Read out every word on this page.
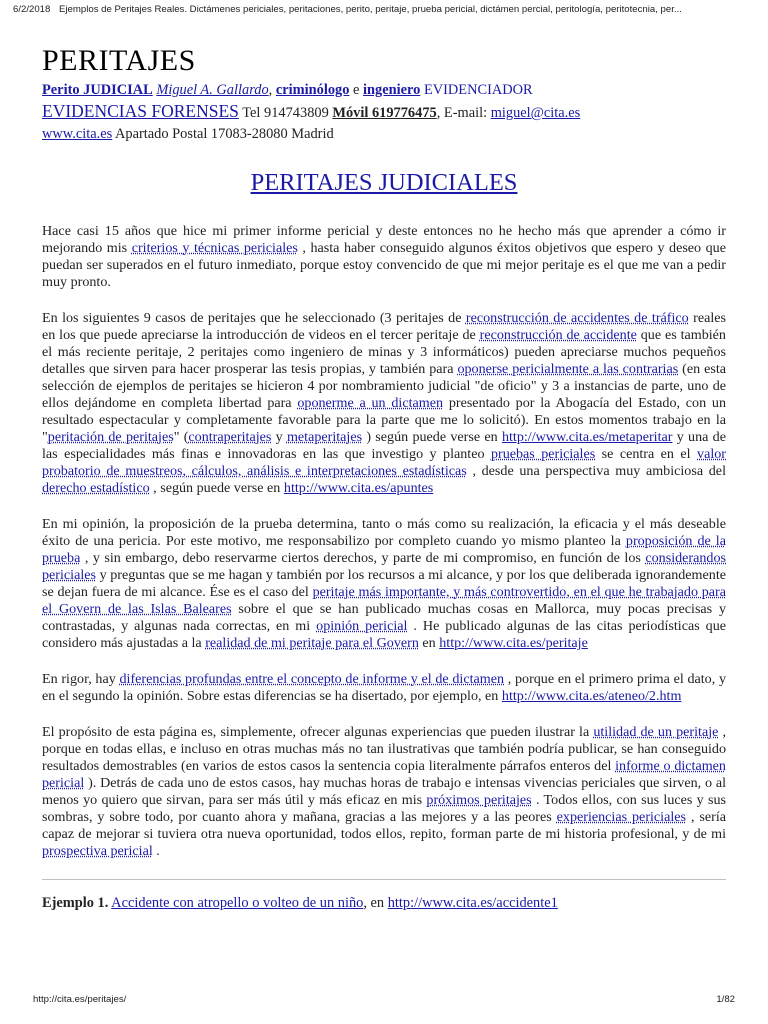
6/2/2018 Ejemplos de Peritajes Reales. Dictámenes periciales, peritaciones, perito, peritaje, prueba pericial, dictámen percial, peritología, peritotecnia, per...
PERITAJES
Perito JUDICIAL Miguel A. Gallardo, criminólogo e ingeniero EVIDENCIADOR
EVIDENCIAS FORENSES Tel 914743809 Móvil 619776475, E-mail: miguel@cita.es
www.cita.es Apartado Postal 17083-28080 Madrid
PERITAJES JUDICIALES

Hace casi 15 años que hice mi primer informe pericial y deste entonces no he hecho más que aprender a cómo ir mejorando mis criterios y técnicas periciales , hasta haber conseguido algunos éxitos objetivos que espero y deseo que puedan ser superados en el futuro inmediato, porque estoy convencido de que mi mejor peritaje es el que me van a pedir muy pronto.

En los siguientes 9 casos de peritajes que he seleccionado (3 peritajes de reconstrucción de accidentes de tráfico reales en los que puede apreciarse la introducción de videos en el tercer peritaje de reconstrucción de accidente que es también el más reciente peritaje, 2 peritajes como ingeniero de minas y 3 informáticos) pueden apreciarse muchos pequeños detalles que sirven para hacer prosperar las tesis propias, y también para oponerse pericialmente a las contrarias (en esta selección de ejemplos de peritajes se hicieron 4 por nombramiento judicial "de oficio" y 3 a instancias de parte, uno de ellos dejándome en completa libertad para oponerme a un dictamen presentado por la Abogacía del Estado, con un resultado espectacular y completamente favorable para la parte que me lo solicitó). En estos momentos trabajo en la "peritación de peritajes" (contraperitajes y metaperitajes ) según puede verse en http://www.cita.es/metaperitar y una de las especialidades más finas e innovadoras en las que investigo y planteo pruebas periciales se centra en el valor probatorio de muestreos, cálculos, análisis e interpretaciones estadísticas , desde una perspectiva muy ambiciosa del derecho estadístico , según puede verse en http://www.cita.es/apuntes

En mi opinión, la proposición de la prueba determina, tanto o más como su realización, la eficacia y el más deseable éxito de una pericia. Por este motivo, me responsabilizo por completo cuando yo mismo planteo la proposición de la prueba , y sin embargo, debo reservarme ciertos derechos, y parte de mi compromiso, en función de los considerandos periciales y preguntas que se me hagan y también por los recursos a mi alcance, y por los que deliberada ignorandemente se dejan fuera de mi alcance. Ése es el caso del peritaje más importante, y más controvertido, en el que he trabajado para el Govern de las Islas Baleares sobre el que se han publicado muchas cosas en Mallorca, muy pocas precisas y contrastadas, y algunas nada correctas, en mi opinión pericial . He publicado algunas de las citas periodísticas que considero más ajustadas a la realidad de mi peritaje para el Govern en http://www.cita.es/peritaje

En rigor, hay diferencias profundas entre el concepto de informe y el de dictamen , porque en el primero prima el dato, y en el segundo la opinión. Sobre estas diferencias se ha disertado, por ejemplo, en http://www.cita.es/ateneo/2.htm

El propósito de esta página es, simplemente, ofrecer algunas experiencias que pueden ilustrar la utilidad de un peritaje , porque en todas ellas, e incluso en otras muchas más no tan ilustrativas que también podría publicar, se han conseguido resultados demostrables (en varios de estos casos la sentencia copia literalmente párrafos enteros del informe o dictamen pericial ). Detrás de cada uno de estos casos, hay muchas horas de trabajo e intensas vivencias periciales que sirven, o al menos yo quiero que sirvan, para ser más útil y más eficaz en mis próximos peritajes . Todos ellos, con sus luces y sus sombras, y sobre todo, por cuanto ahora y mañana, gracias a las mejores y a las peores experiencias periciales , sería capaz de mejorar si tuviera otra nueva oportunidad, todos ellos, repito, forman parte de mi historia profesional, y de mi prospectiva pericial .

Ejemplo 1. Accidente con atropello o volteo de un niño, en http://www.cita.es/accidente1
http://cita.es/peritajes/	1/82
